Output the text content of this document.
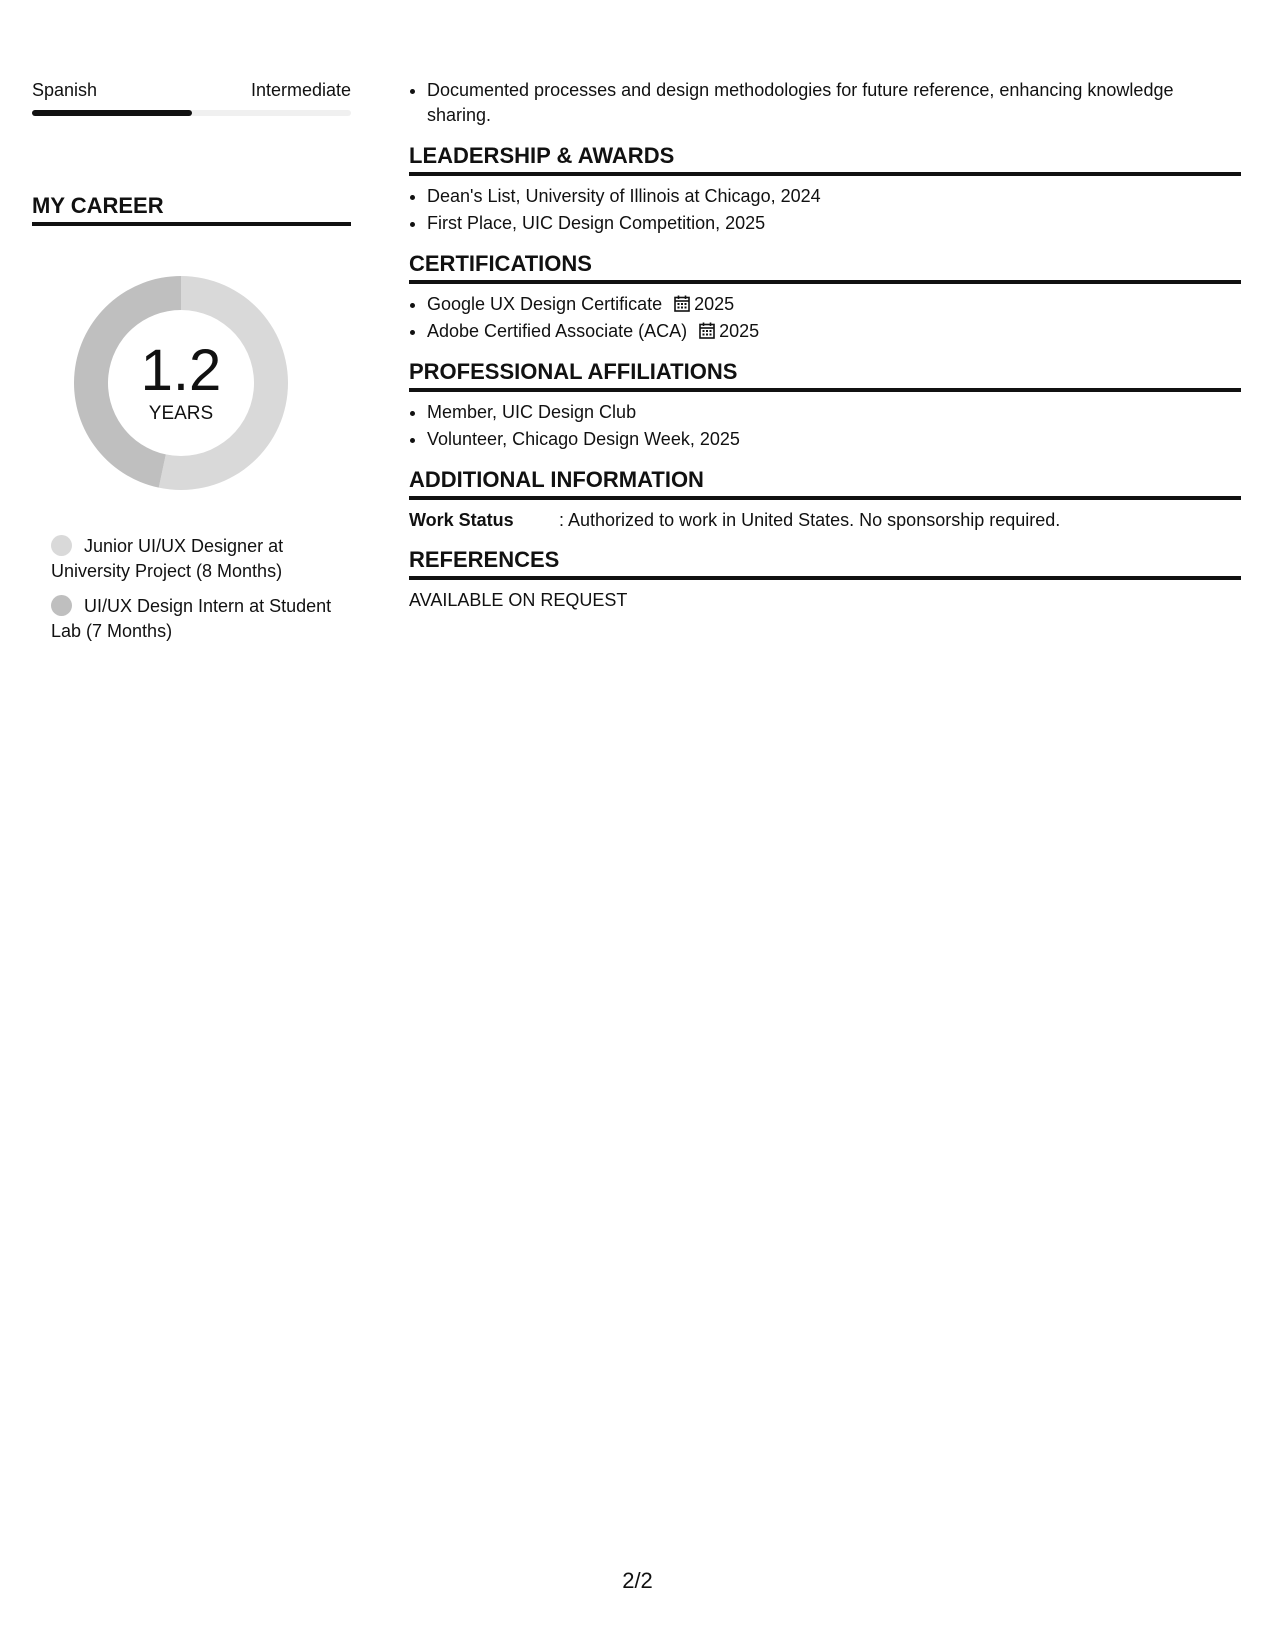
Spanish	Intermediate
MY CAREER
1.2
YEARS
Junior UI/UX Designer at University Project (8 Months)
UI/UX Design Intern at Student Lab (7 Months)
• Documented processes and design methodologies for future reference, enhancing knowledge sharing.
LEADERSHIP & AWARDS
• Dean's List, University of Illinois at Chicago, 2024
• First Place, UIC Design Competition, 2025
CERTIFICATIONS
• Google UX Design Certificate 2025
• Adobe Certified Associate (ACA) 2025
PROFESSIONAL AFFILIATIONS
• Member, UIC Design Club
• Volunteer, Chicago Design Week, 2025
ADDITIONAL INFORMATION
Work Status	: Authorized to work in United States. No sponsorship required.
REFERENCES
AVAILABLE ON REQUEST
2/2
